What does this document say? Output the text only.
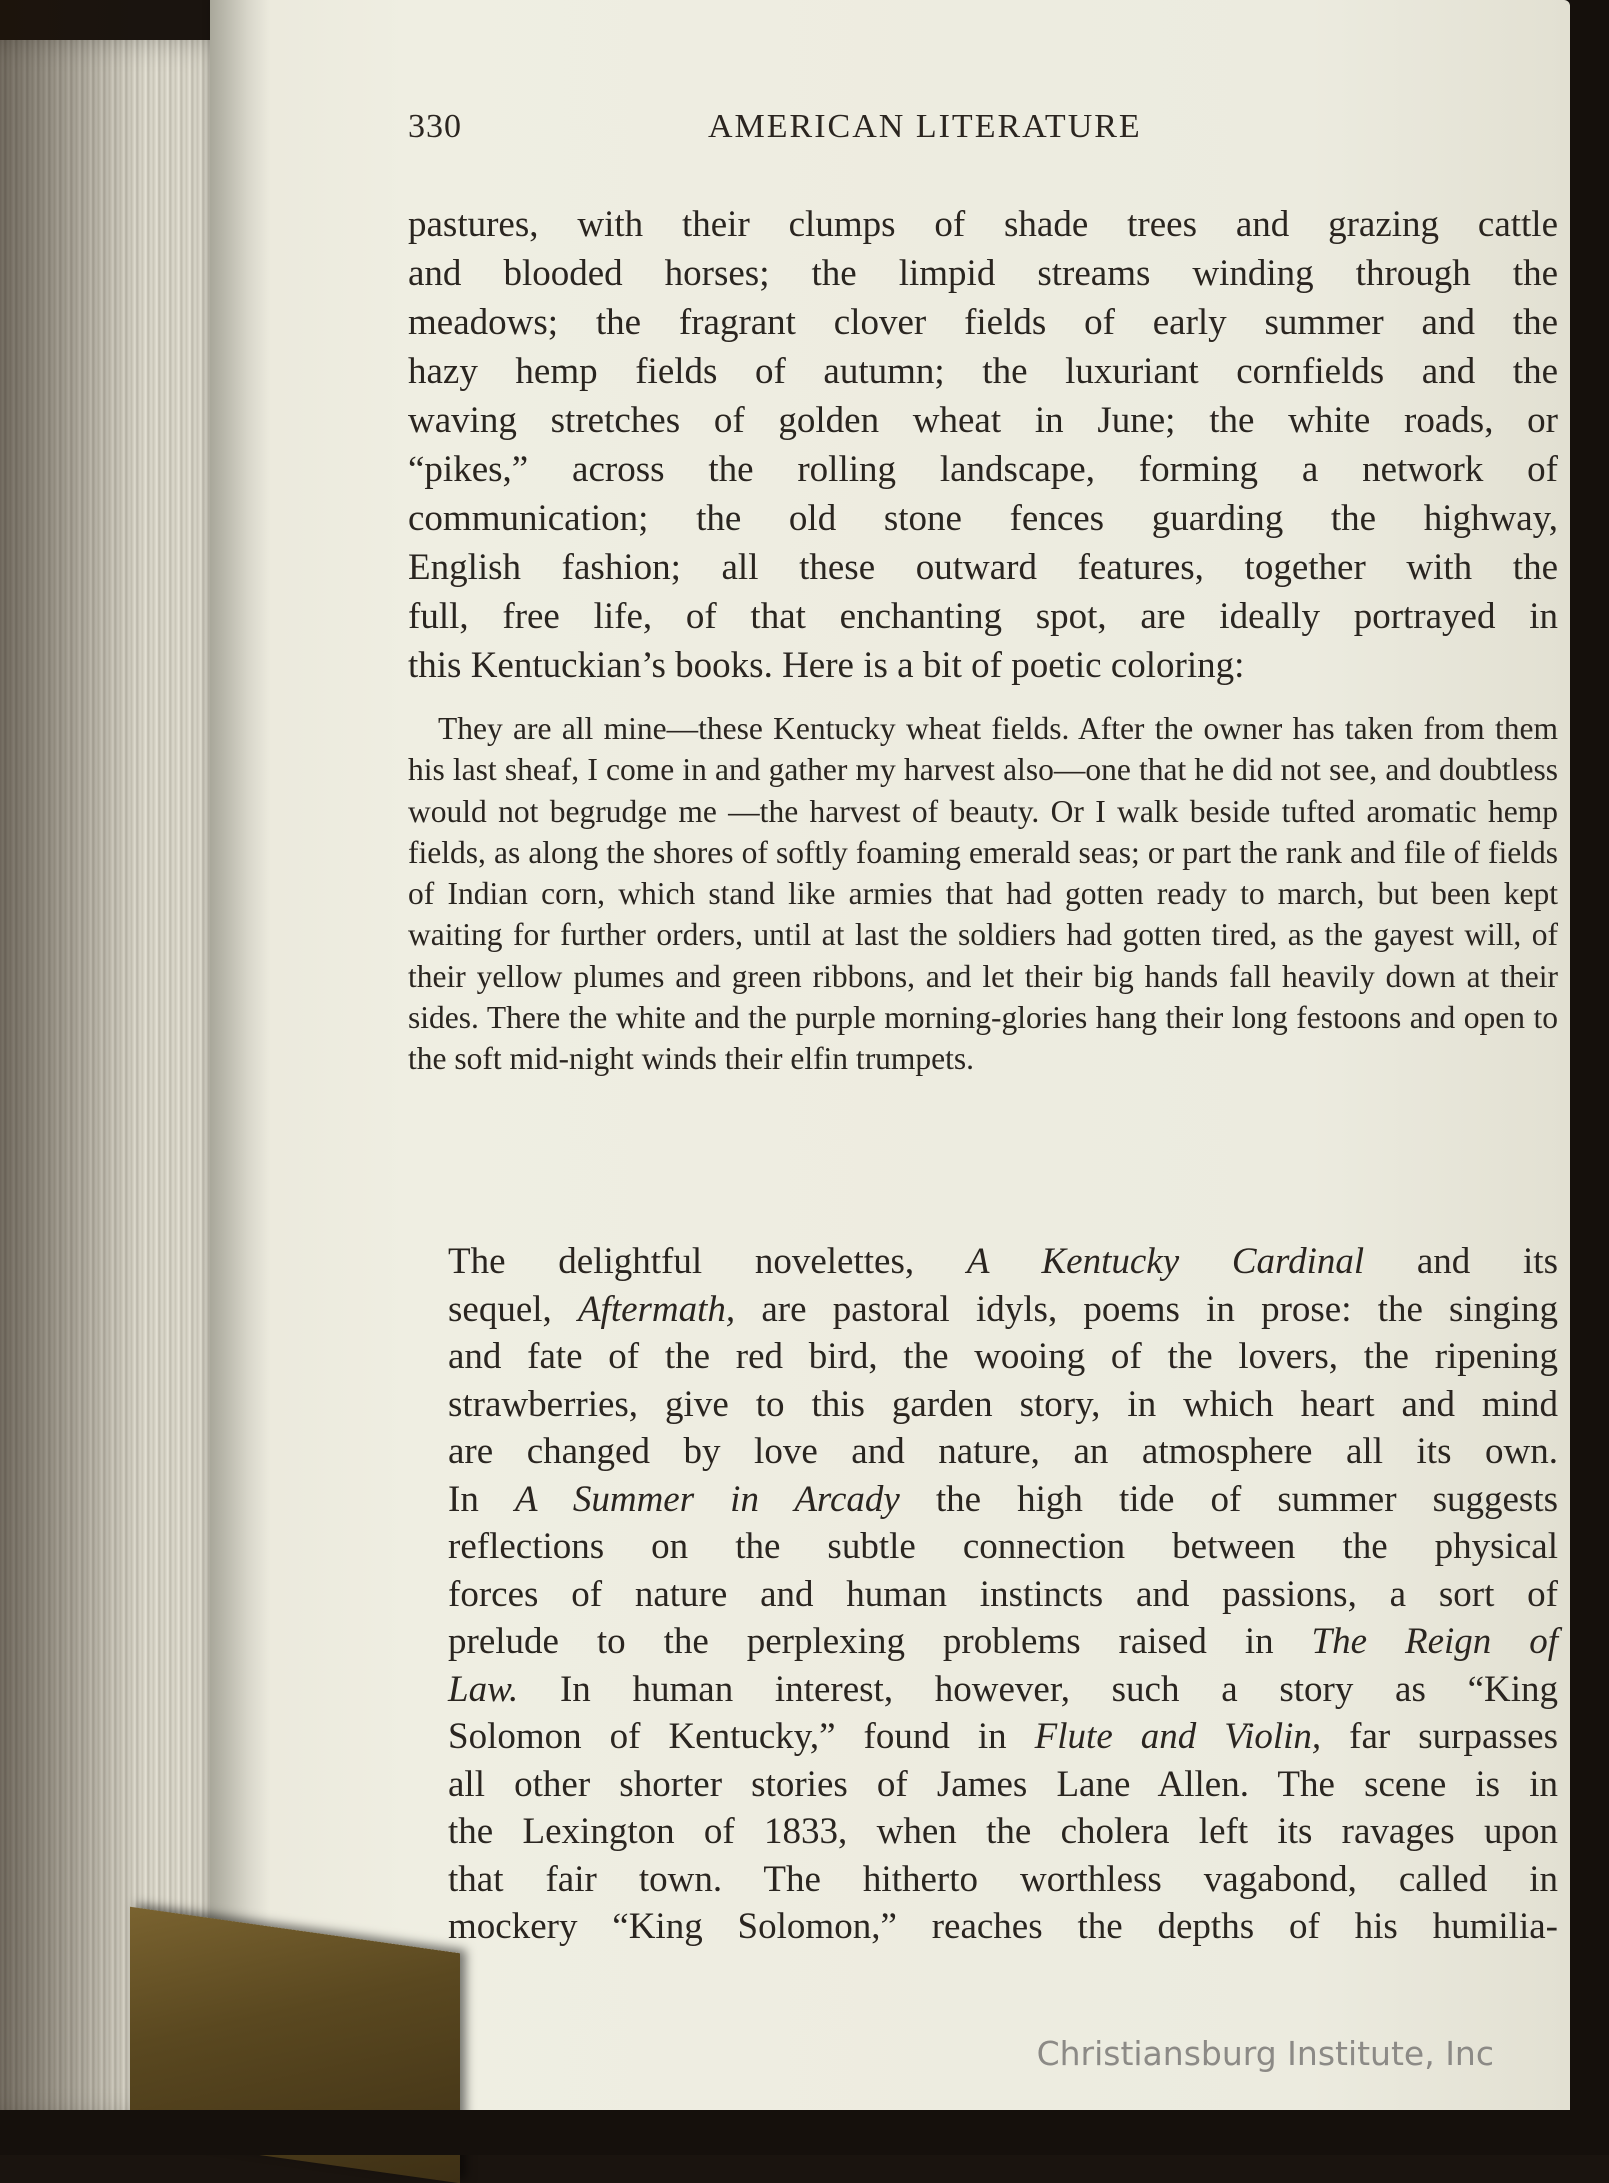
330	AMERICAN LITERATURE
pastures, with their clumps of shade trees and grazing cattle
and blooded horses; the limpid streams winding through the
meadows; the fragrant clover fields of early summer and the
hazy hemp fields of autumn; the luxuriant cornfields and the
waving stretches of golden wheat in June; the white roads, or
“pikes,” across the rolling landscape, forming a network of
communication; the old stone fences guarding the highway,
English fashion; all these outward features, together with the
full, free life, of that enchanting spot, are ideally portrayed in
this Kentuckian’s books. Here is a bit of poetic coloring:
They are all mine—these Kentucky wheat fields. After the owner has taken from them his last sheaf, I come in and gather my harvest also—one that he did not see, and doubtless would not begrudge me —the harvest of beauty. Or I walk beside tufted aromatic hemp fields, as along the shores of softly foaming emerald seas; or part the rank and file of fields of Indian corn, which stand like armies that had gotten ready to march, but been kept waiting for further orders, until at last the soldiers had gotten tired, as the gayest will, of their yellow plumes and green ribbons, and let their big hands fall heavily down at their sides. There the white and the purple morning-glories hang their long festoons and open to the soft mid-night winds their elfin trumpets.
The delightful novelettes, A Kentucky Cardinal and its
sequel, Aftermath, are pastoral idyls, poems in prose: the singing
and fate of the red bird, the wooing of the lovers, the ripening
strawberries, give to this garden story, in which heart and mind
are changed by love and nature, an atmosphere all its own.
In A Summer in Arcady the high tide of summer suggests
reflections on the subtle connection between the physical
forces of nature and human instincts and passions, a sort of
prelude to the perplexing problems raised in The Reign of
Law. In human interest, however, such a story as “King
Solomon of Kentucky,” found in Flute and Violin, far surpasses
all other shorter stories of James Lane Allen. The scene is in
the Lexington of 1833, when the cholera left its ravages upon
that fair town. The hitherto worthless vagabond, called in
mockery “King Solomon,” reaches the depths of his humilia-
Christiansburg Institute, Inc
